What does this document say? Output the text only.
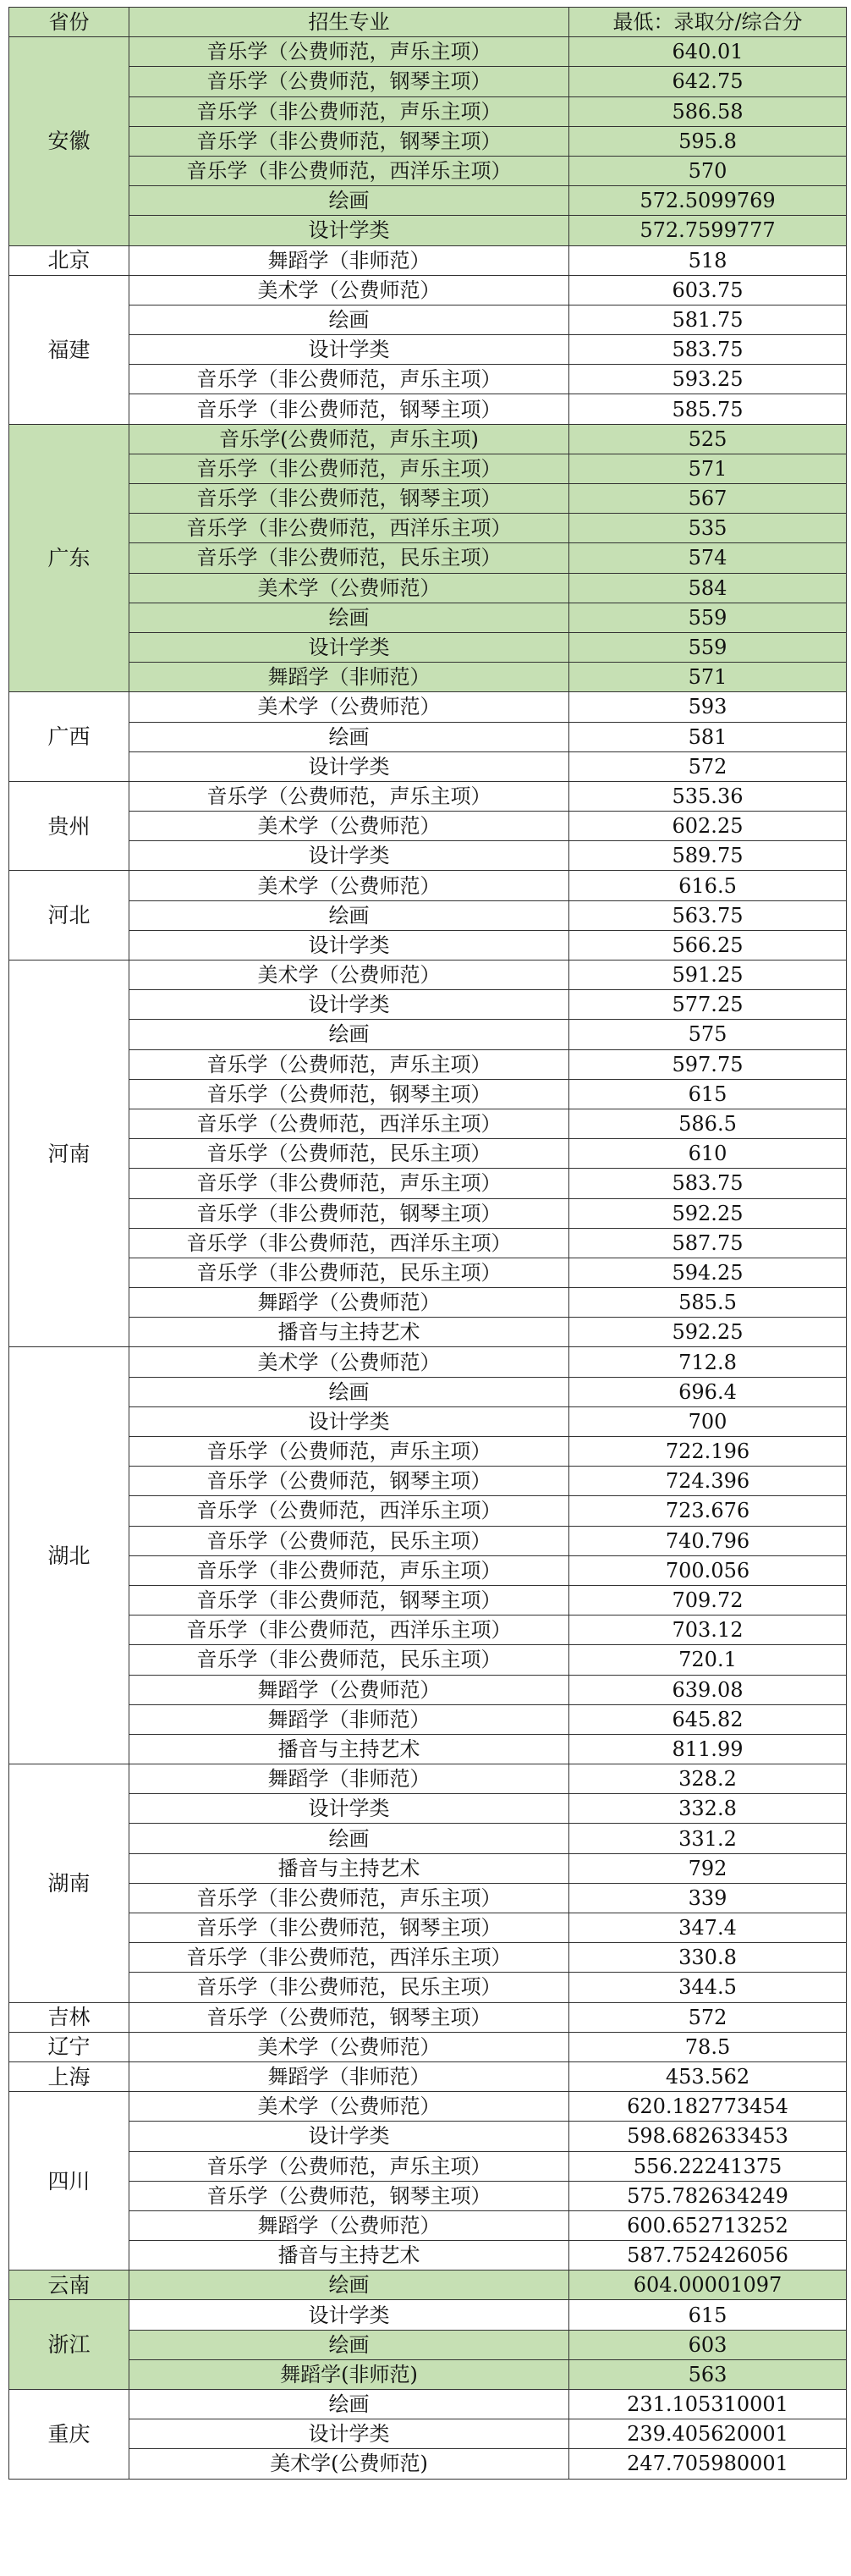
省份	招生专业	最低：录取分/综合分
安徽	音乐学（公费师范，声乐主项）	640.01
	音乐学（公费师范，钢琴主项）	642.75
	音乐学（非公费师范，声乐主项）	586.58
	音乐学（非公费师范，钢琴主项）	595.8
	音乐学（非公费师范，西洋乐主项）	570
	绘画	572.5099769
	设计学类	572.7599777
北京	舞蹈学（非师范）	518
福建	美术学（公费师范）	603.75
	绘画	581.75
	设计学类	583.75
	音乐学（非公费师范，声乐主项）	593.25
	音乐学（非公费师范，钢琴主项）	585.75
广东	音乐学(公费师范，声乐主项)	525
	音乐学（非公费师范，声乐主项）	571
	音乐学（非公费师范，钢琴主项）	567
	音乐学（非公费师范，西洋乐主项）	535
	音乐学（非公费师范，民乐主项）	574
	美术学（公费师范）	584
	绘画	559
	设计学类	559
	舞蹈学（非师范）	571
广西	美术学（公费师范）	593
	绘画	581
	设计学类	572
贵州	音乐学（公费师范，声乐主项）	535.36
	美术学（公费师范）	602.25
	设计学类	589.75
河北	美术学（公费师范）	616.5
	绘画	563.75
	设计学类	566.25
河南	美术学（公费师范）	591.25
	设计学类	577.25
	绘画	575
	音乐学（公费师范，声乐主项）	597.75
	音乐学（公费师范，钢琴主项）	615
	音乐学（公费师范，西洋乐主项）	586.5
	音乐学（公费师范，民乐主项）	610
	音乐学（非公费师范，声乐主项）	583.75
	音乐学（非公费师范，钢琴主项）	592.25
	音乐学（非公费师范，西洋乐主项）	587.75
	音乐学（非公费师范，民乐主项）	594.25
	舞蹈学（公费师范）	585.5
	播音与主持艺术	592.25
湖北	美术学（公费师范）	712.8
	绘画	696.4
	设计学类	700
	音乐学（公费师范，声乐主项）	722.196
	音乐学（公费师范，钢琴主项）	724.396
	音乐学（公费师范，西洋乐主项）	723.676
	音乐学（公费师范，民乐主项）	740.796
	音乐学（非公费师范，声乐主项）	700.056
	音乐学（非公费师范，钢琴主项）	709.72
	音乐学（非公费师范，西洋乐主项）	703.12
	音乐学（非公费师范，民乐主项）	720.1
	舞蹈学（公费师范）	639.08
	舞蹈学（非师范）	645.82
	播音与主持艺术	811.99
湖南	舞蹈学（非师范）	328.2
	设计学类	332.8
	绘画	331.2
	播音与主持艺术	792
	音乐学（非公费师范，声乐主项）	339
	音乐学（非公费师范，钢琴主项）	347.4
	音乐学（非公费师范，西洋乐主项）	330.8
	音乐学（非公费师范，民乐主项）	344.5
吉林	音乐学（公费师范，钢琴主项）	572
辽宁	美术学（公费师范）	78.5
上海	舞蹈学（非师范）	453.562
四川	美术学（公费师范）	620.182773454
	设计学类	598.682633453
	音乐学（公费师范，声乐主项）	556.22241375
	音乐学（公费师范，钢琴主项）	575.782634249
	舞蹈学（公费师范）	600.652713252
	播音与主持艺术	587.752426056
云南	绘画	604.00001097
浙江	设计学类	615
	绘画	603
	舞蹈学(非师范)	563
重庆	绘画	231.105310001
	设计学类	239.405620001
	美术学(公费师范)	247.705980001
